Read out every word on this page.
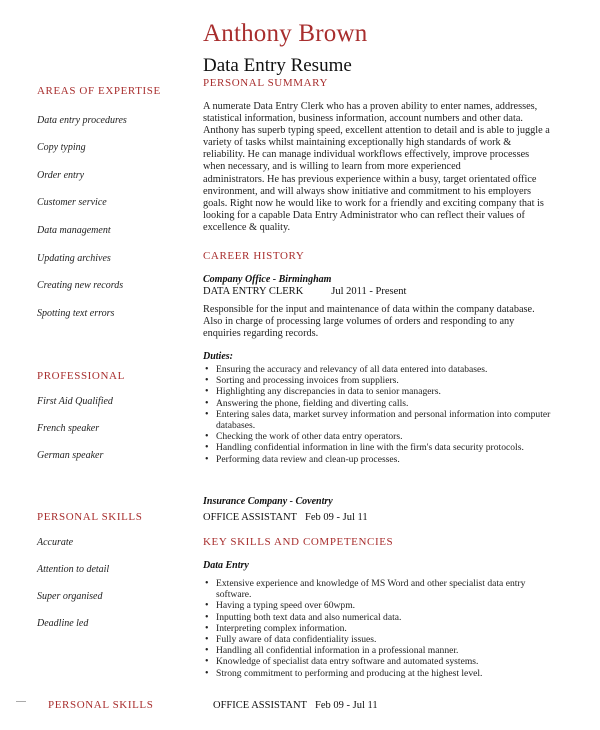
Anthony Brown
Data Entry Resume
AREAS OF EXPERTISE
Data entry procedures
Copy typing
Order entry
Customer service
Data management
Updating archives
Creating new records
Spotting text errors
PROFESSIONAL
First Aid Qualified
French speaker
German speaker
PERSONAL SKILLS
Accurate
Attention to detail
Super organised
Deadline led
PERSONAL SKILLS
PERSONAL SUMMARY
A numerate Data Entry Clerk who has a proven ability to enter names, addresses,
statistical information, business information, account numbers and other data.
Anthony has superb typing speed, excellent attention to detail and is able to juggle a
variety of tasks whilst maintaining exceptionally high standards of work &
reliability. He can manage individual workflows effectively, improve processes
when necessary, and is willing to learn from more experienced
administrators. He has previous experience within a busy, target orientated office
environment, and will always show initiative and commitment to his employers
goals. Right now he would like to work for a friendly and exciting company that is
looking for a capable Data Entry Administrator who can reflect their values of
excellence & quality.
CAREER HISTORY
Company Office - Birmingham
DATA ENTRY CLERK	Jul 2011 - Present
Responsible for the input and maintenance of data within the company database.
Also in charge of processing large volumes of orders and responding to any
enquiries regarding records.
Duties:
• Ensuring the accuracy and relevancy of all data entered into databases.
• Sorting and processing invoices from suppliers.
• Highlighting any discrepancies in data to senior managers.
• Answering the phone, fielding and diverting calls.
• Entering sales data, market survey information and personal information into computer databases.
• Checking the work of other data entry operators.
• Handling confidential information in line with the firm's data security protocols.
• Performing data review and clean-up processes.
Insurance Company - Coventry
OFFICE ASSISTANT Feb 09 - Jul 11
KEY SKILLS AND COMPETENCIES
Data Entry
• Extensive experience and knowledge of MS Word and other specialist data entry software.
• Having a typing speed over 60wpm.
• Inputting both text data and also numerical data.
• Interpreting complex information.
• Fully aware of data confidentiality issues.
• Handling all confidential information in a professional manner.
• Knowledge of specialist data entry software and automated systems.
• Strong commitment to performing and producing at the highest level.
OFFICE ASSISTANT Feb 09 - Jul 11
